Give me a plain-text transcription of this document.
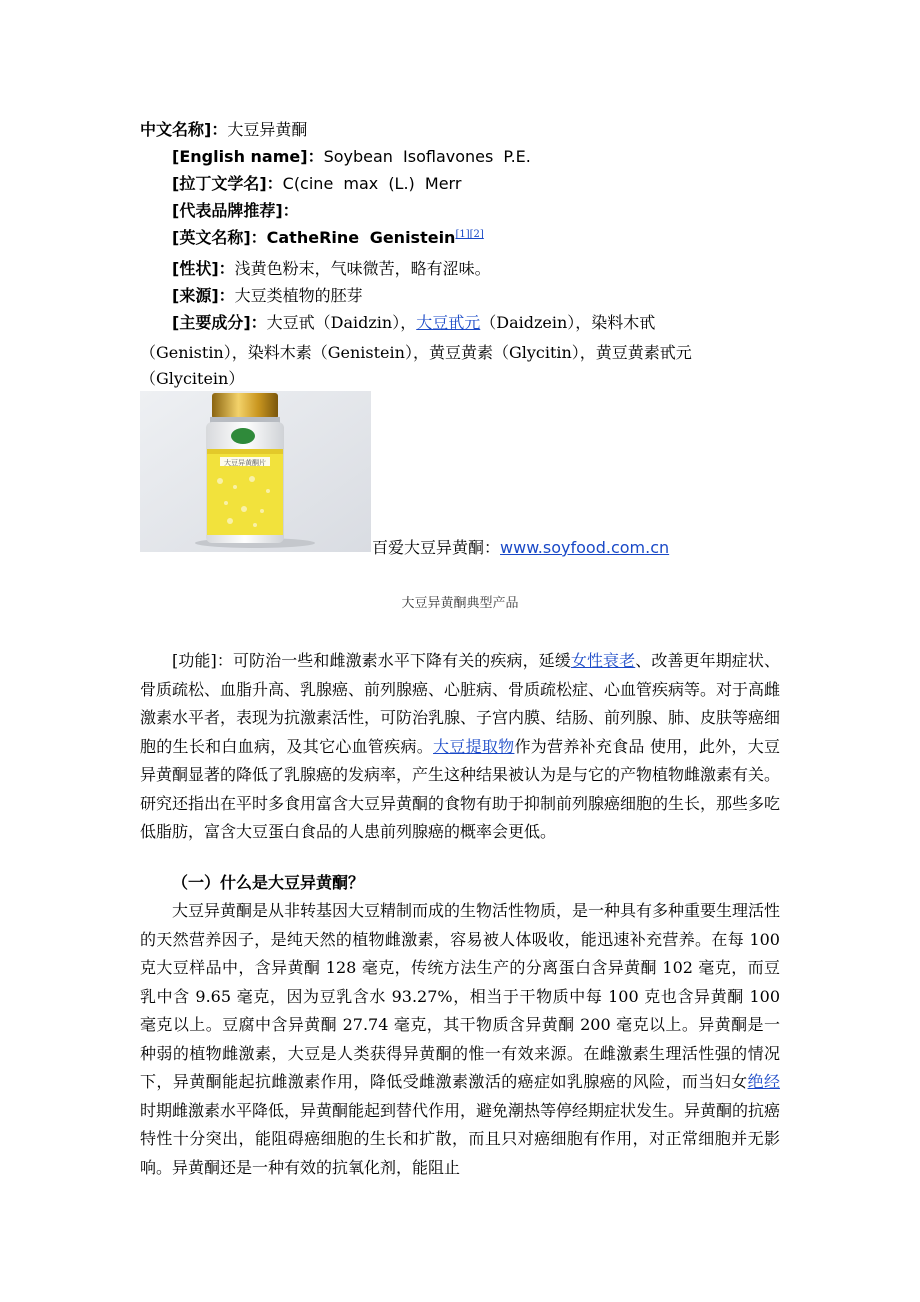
中文名称]：大豆异黄酮
[English name]：Soybean Isoflavones P.E.
[拉丁文学名]：C(cine max (L.) Merr
[代表品牌推荐]：
[英文名称]：CatheRine Genistein[1][2]
[性状]：浅黄色粉末，气味微苦，略有涩味。
[来源]：大豆类植物的胚芽
[主要成分]：大豆甙（Daidzin），大豆甙元（Daidzein），染料木甙
（Genistin），染料木素（Genistein），黄豆黄素（Glycitin），黄豆黄素甙元
（Glycitein）
大豆异黄酮片
百爱大豆异黄酮：www.soyfood.com.cn
大豆异黄酮典型产品

[功能]：可防治一些和雌激素水平下降有关的疾病，延缓女性衰老、改善更年期症状、骨质疏松、血脂升高、乳腺癌、前列腺癌、心脏病、骨质疏松症、心血管疾病等。对于高雌激素水平者，表现为抗激素活性，可防治乳腺、子宫内膜、结肠、前列腺、肺、皮肤等癌细胞的生长和白血病，及其它心血管疾病。大豆提取物作为营养补充食品 使用，此外，大豆异黄酮显著的降低了乳腺癌的发病率，产生这种结果被认为是与它的产物植物雌激素有关。研究还指出在平时多食用富含大豆异黄酮的食物有助于抑制前列腺癌细胞的生长，那些多吃低脂肪，富含大豆蛋白食品的人患前列腺癌的概率会更低。

（一）什么是大豆异黄酮？

大豆异黄酮是从非转基因大豆精制而成的生物活性物质，是一种具有多种重要生理活性的天然营养因子，是纯天然的植物雌激素，容易被人体吸收，能迅速补充营养。在每 100 克大豆样品中，含异黄酮 128 毫克，传统方法生产的分离蛋白含异黄酮 102 毫克，而豆乳中含 9.65 毫克，因为豆乳含水 93.27%，相当于干物质中每 100 克也含异黄酮 100 毫克以上。豆腐中含异黄酮 27.74 毫克，其干物质含异黄酮 200 毫克以上。异黄酮是一种弱的植物雌激素，大豆是人类获得异黄酮的惟一有效来源。在雌激素生理活性强的情况下，异黄酮能起抗雌激素作用，降低受雌激素激活的癌症如乳腺癌的风险，而当妇女绝经时期雌激素水平降低，异黄酮能起到替代作用，避免潮热等停经期症状发生。异黄酮的抗癌特性十分突出，能阻碍癌细胞的生长和扩散，而且只对癌细胞有作用，对正常细胞并无影响。异黄酮还是一种有效的抗氧化剂，能阻止
